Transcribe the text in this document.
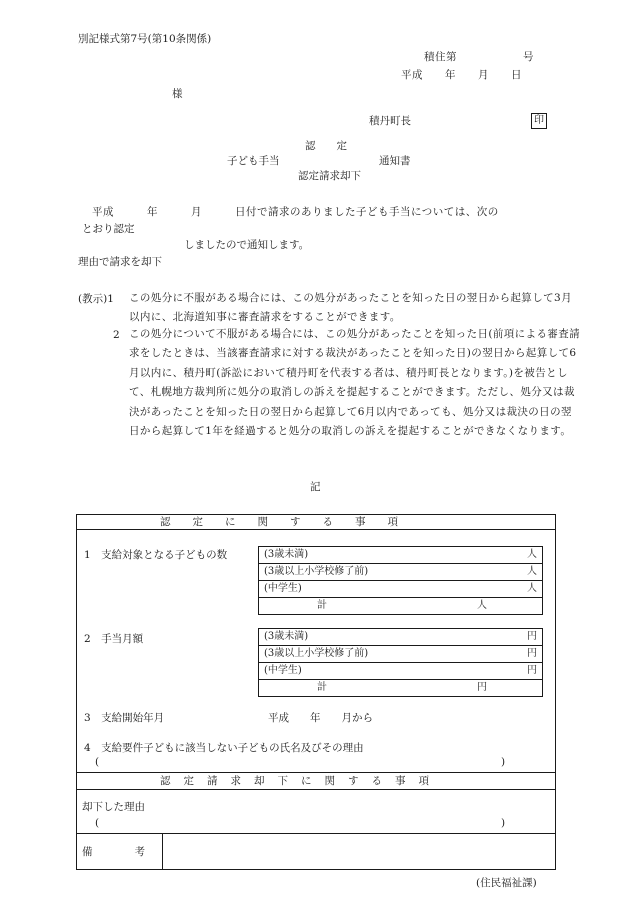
別記様式第7号(第10条関係)
積住第　　　　　　号
平成　　年　　月　　日
様
積丹町長	印
認　　定
子ども手当	通知書
認定請求却下
平成　　　年　　　月　　　日付で請求のありました子ども手当については、次の
とおり認定
しましたので通知します。
理由で請求を却下
(教示)1 この処分に不服がある場合には、この処分があったことを知った日の翌日から起算して3月以内に、北海道知事に審査請求をすることができます。
2 この処分について不服がある場合には、この処分があったことを知った日(前項による審査請求をしたときは、当該審査請求に対する裁決があったことを知った日)の翌日から起算して6月以内に、積丹町(訴訟において積丹町を代表する者は、積丹町長となります。)を被告として、札幌地方裁判所に処分の取消しの訴えを提起することができます。ただし、処分又は裁決があったことを知った日の翌日から起算して6月以内であっても、処分又は裁決の日の翌日から起算して1年を経過すると処分の取消しの訴えを提起することができなくなります。
記
認定に関する事項
1　支給対象となる子どもの数	(3歳未満)	人
(3歳以上小学校修了前)	人
(中学生)	人
計	人
2　手当月額	(3歳未満)	円
(3歳以上小学校修了前)	円
(中学生)	円
計	円
3　支給開始年月	平成　　年　　月から
4　支給要件子どもに該当しない子どもの氏名及びその理由
(	)
認定請求却下に関する事項
却下した理由
(	)
備　　　　考
(住民福祉課)
